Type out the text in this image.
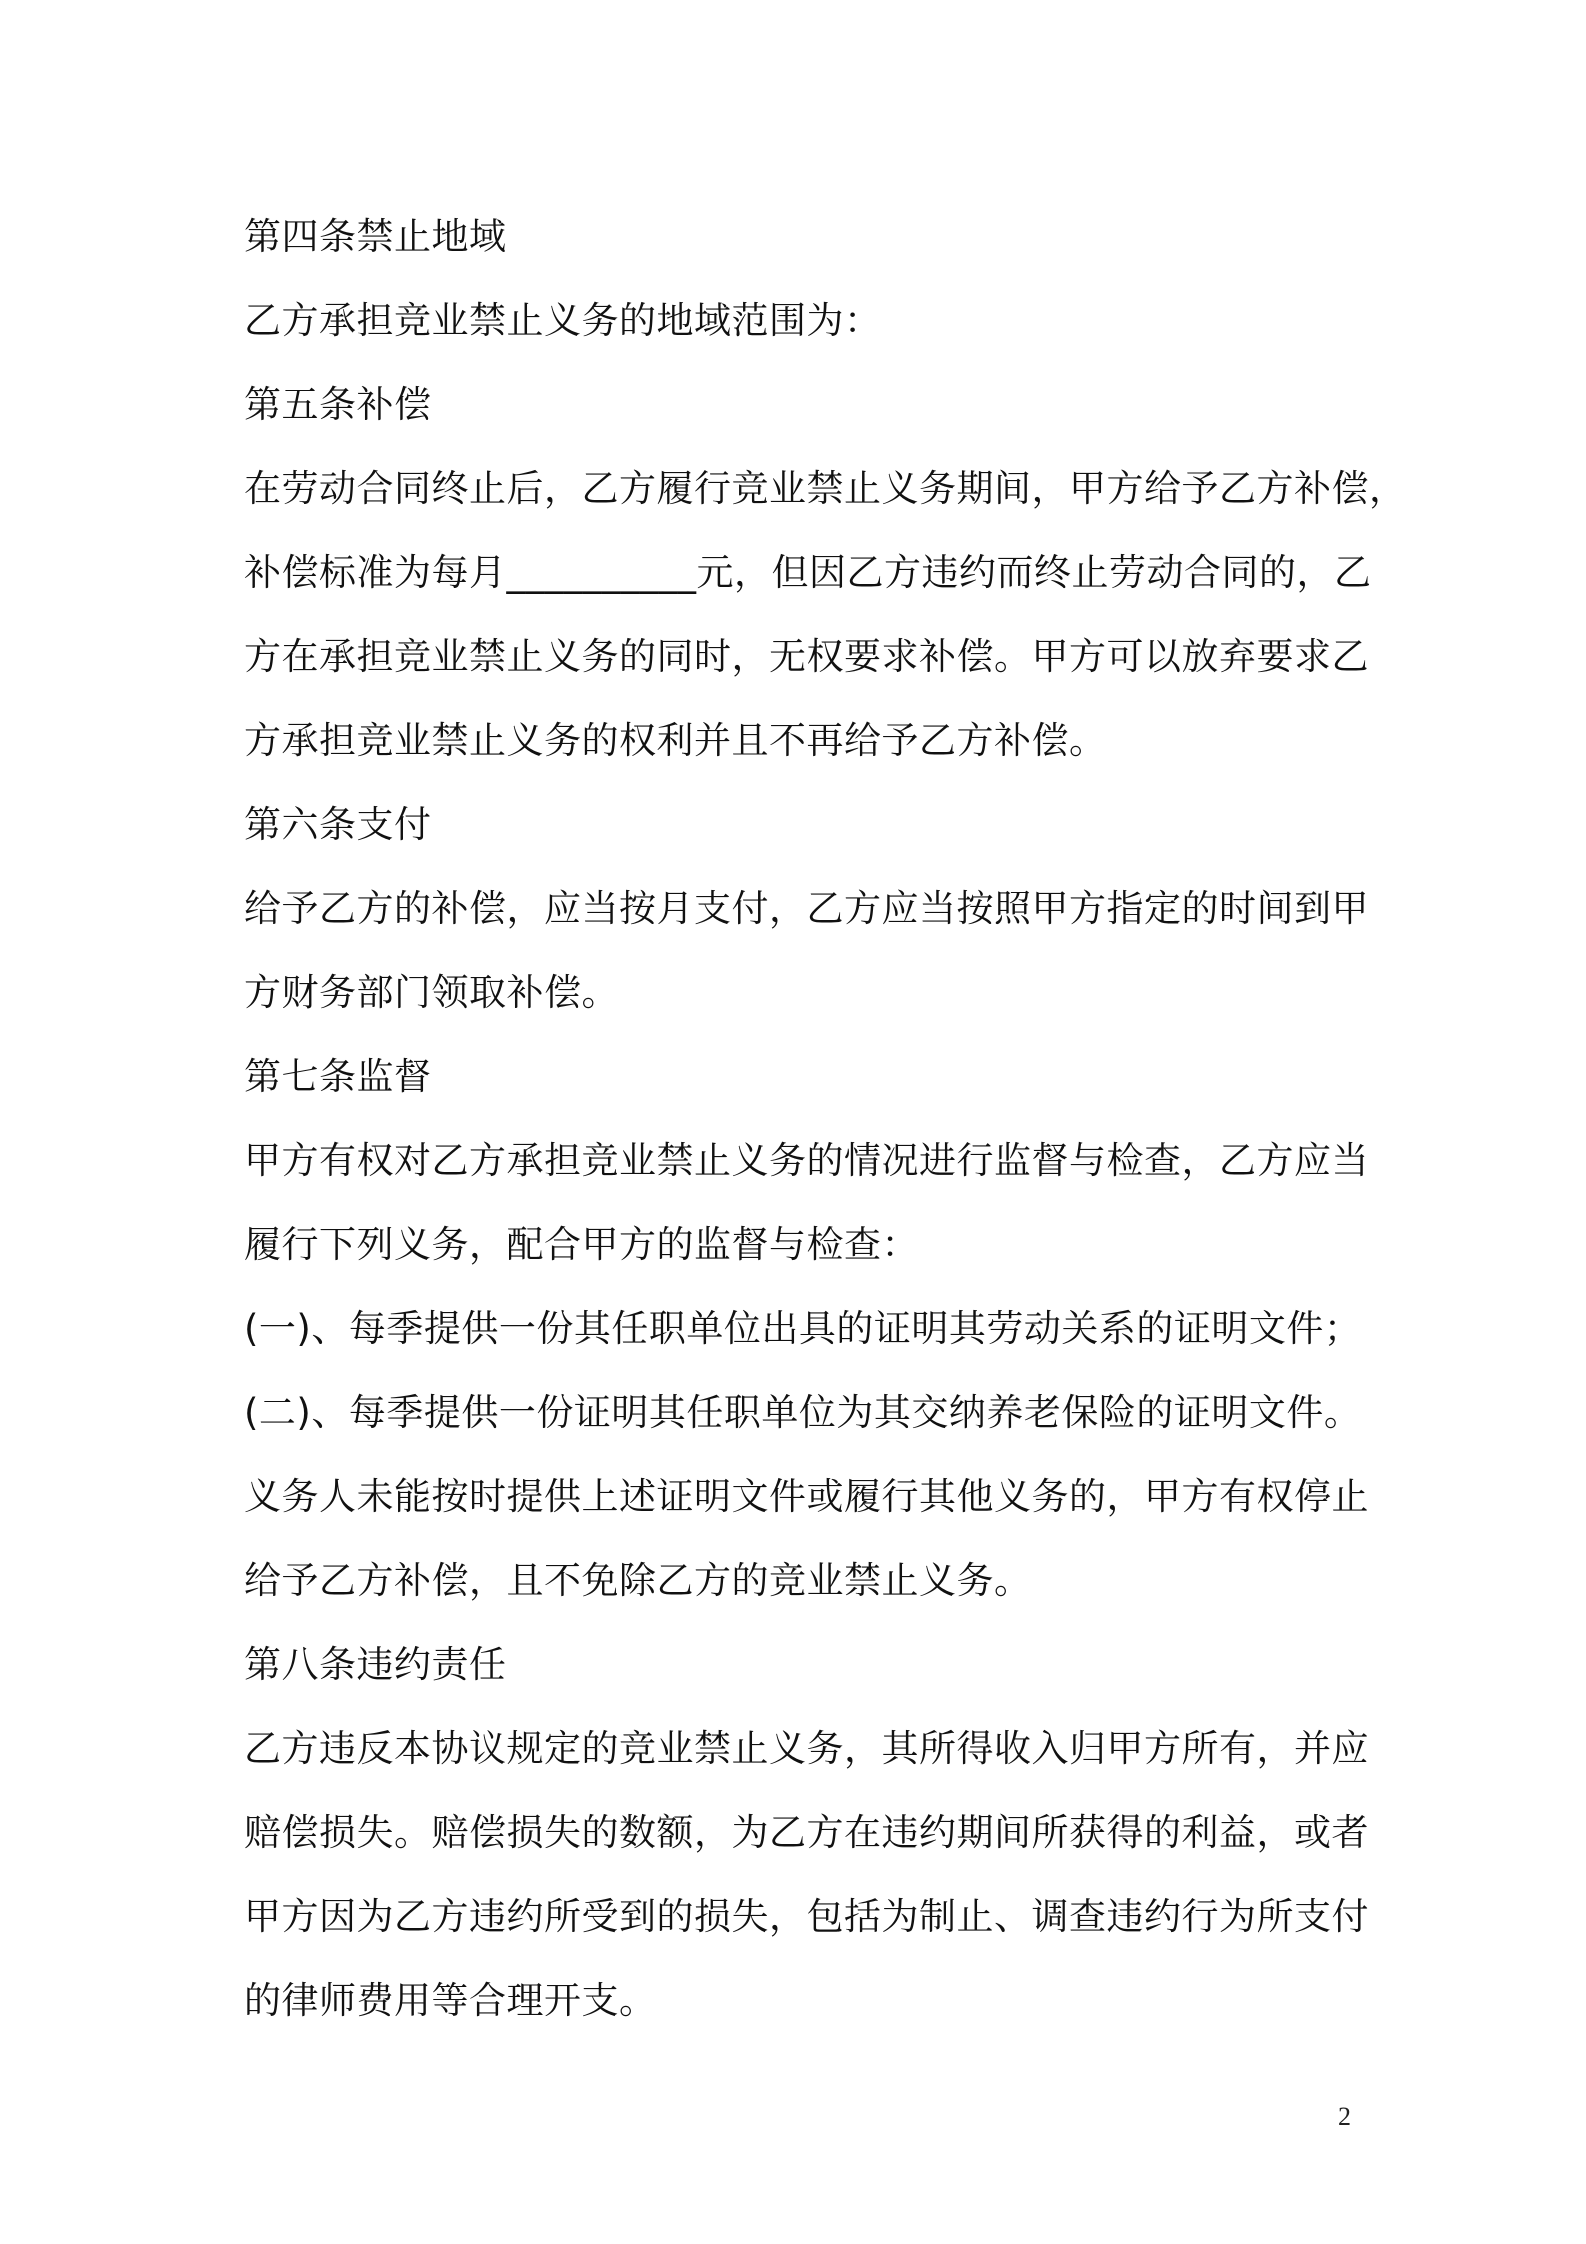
第四条禁止地域
乙方承担竞业禁止义务的地域范围为：
第五条补偿
在劳动合同终止后，乙方履行竞业禁止义务期间，甲方给予乙方补偿，
补偿标准为每月__________元，但因乙方违约而终止劳动合同的，乙
方在承担竞业禁止义务的同时，无权要求补偿。甲方可以放弃要求乙
方承担竞业禁止义务的权利并且不再给予乙方补偿。
第六条支付
给予乙方的补偿，应当按月支付，乙方应当按照甲方指定的时间到甲
方财务部门领取补偿。
第七条监督
甲方有权对乙方承担竞业禁止义务的情况进行监督与检查，乙方应当
履行下列义务，配合甲方的监督与检查：
(一)、每季提供一份其任职单位出具的证明其劳动关系的证明文件；
(二)、每季提供一份证明其任职单位为其交纳养老保险的证明文件。
义务人未能按时提供上述证明文件或履行其他义务的，甲方有权停止
给予乙方补偿，且不免除乙方的竞业禁止义务。
第八条违约责任
乙方违反本协议规定的竞业禁止义务，其所得收入归甲方所有，并应
赔偿损失。赔偿损失的数额，为乙方在违约期间所获得的利益，或者
甲方因为乙方违约所受到的损失，包括为制止、调查违约行为所支付
的律师费用等合理开支。
2
